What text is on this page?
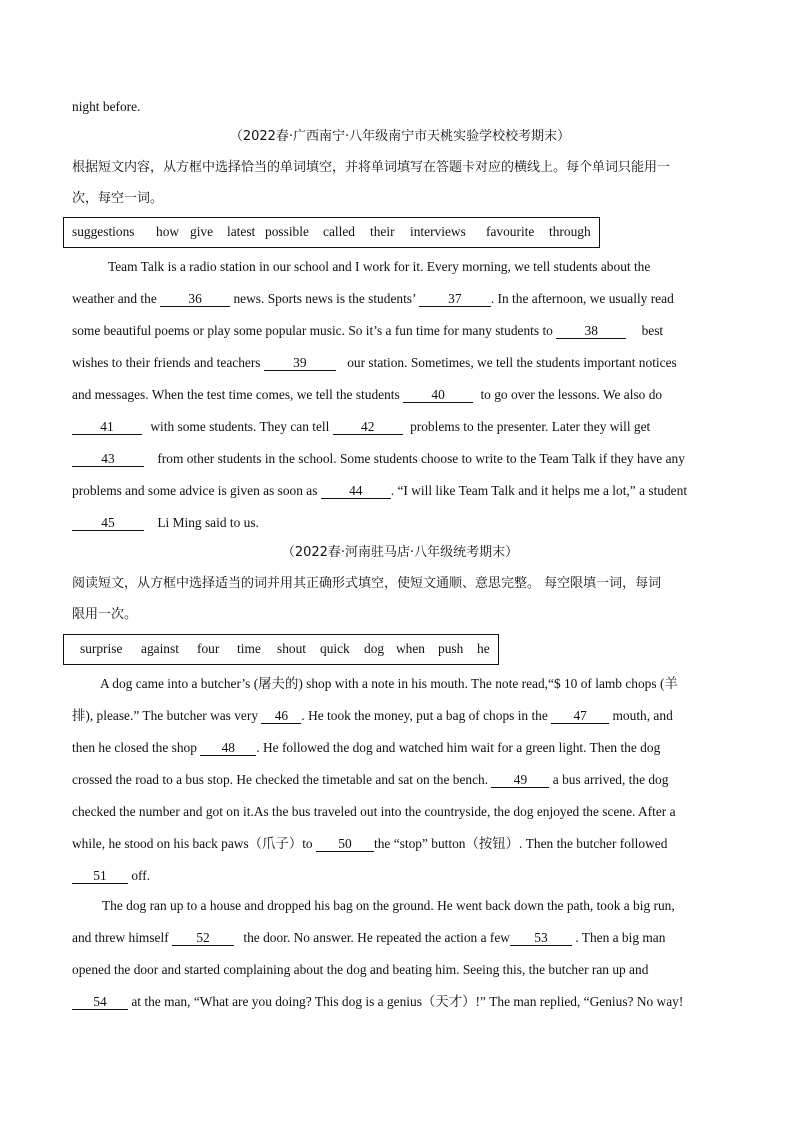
night before.
（2022春·广西南宁·八年级南宁市天桃实验学校校考期末）
根据短文内容，从方框中选择恰当的单词填空，并将单词填写在答题卡对应的横线上。每个单词只能用一
次，每空一词。
suggestions how give latest possible called their interviews favourite through
Team Talk is a radio station in our school and I work for it. Every morning, we tell students about the
weather and the 36 news. Sports news is the students’ 37 . In the afternoon, we usually read
some beautiful poems or play some popular music. So it’s a fun time for many students to 38	best
wishes to their friends and teachers 39	our station. Sometimes, we tell the students important notices
and messages. When the test time comes, we tell the students 40 to go over the lessons. We also do
41 with some students. They can tell 42 problems to the presenter. Later they will get
43	from other students in the school. Some students choose to write to the Team Talk if they have any
problems and some advice is given as soon as 44 . “I will like Team Talk and it helps me a lot,” a student
45	Li Ming said to us.
（2022春·河南驻马店·八年级统考期末）
阅读短文，从方框中选择适当的词并用其正确形式填空，使短文通顺、意思完整。 每空限填一词，每词
限用一次。
surprise against four time shout quick dog when push he
A dog came into a butcher’s (屠夫的) shop with a note in his mouth. The note read,“$ 10 of lamb chops (羊
排), please.” The butcher was very 46 . He took the money, put a bag of chops in the 47 mouth, and
then he closed the shop 48 . He followed the dog and watched him wait for a green light. Then the dog
crossed the road to a bus stop. He checked the timetable and sat on the bench. 49 a bus arrived, the dog
checked the number and got on it.As the bus traveled out into the countryside, the dog enjoyed the scene. After a
while, he stood on his back paws（爪子）to 50 the “stop” button（按钮）. Then the butcher followed
51 off.
The dog ran up to a house and dropped his bag on the ground. He went back down the path, took a big run,
and threw himself 52 the door. No answer. He repeated the action a few 53 . Then a big man
opened the door and started complaining about the dog and beating him. Seeing this, the butcher ran up and
54 at the man, “What are you doing? This dog is a genius（天才）!” The man replied, “Genius? No way!
